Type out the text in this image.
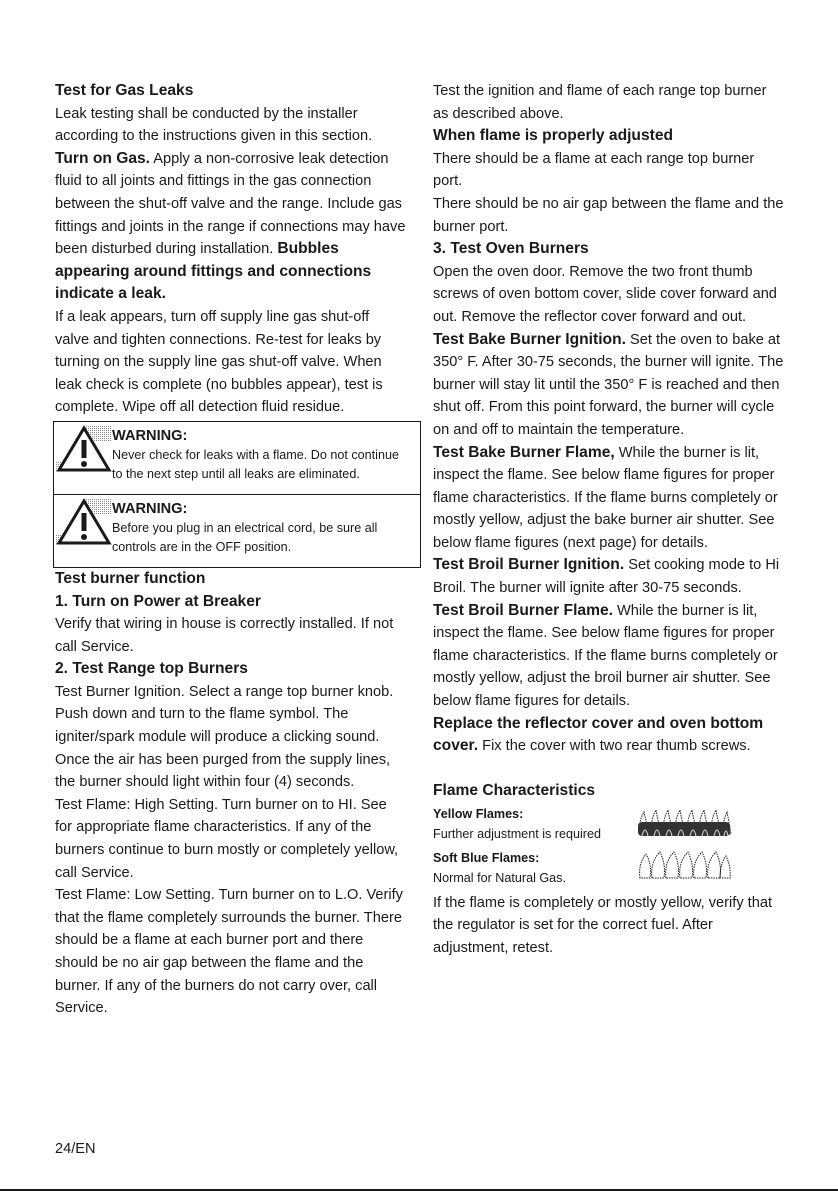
Test for Gas Leaks

Leak testing shall be conducted by the installer according to the instructions given in this section.

Turn on Gas. Apply a non-corrosive leak detection fluid to all joints and fittings in the gas connection between the shut-off valve and the range. Include gas fittings and joints in the range if connections may have been disturbed during installation. Bubbles appearing around fittings and connections indicate a leak.

If a leak appears, turn off supply line gas shut-off valve and tighten connections. Re-test for leaks by turning on the supply line gas shut-off valve. When leak check is complete (no bubbles appear), test is complete. Wipe off all detection fluid residue.

WARNING:
Never check for leaks with a flame. Do not continue to the next step until all leaks are eliminated.
WARNING:
Before you plug in an electrical cord, be sure all controls are in the OFF position.

Test burner function

1. Turn on Power at Breaker

Verify that wiring in house is correctly installed. If not call Service.

2. Test Range top Burners

Test Burner Ignition. Select a range top burner knob. Push down and turn to the flame symbol. The igniter/spark module will produce a clicking sound. Once the air has been purged from the supply lines, the burner should light within four (4) seconds.

Test Flame: High Setting. Turn burner on to HI. See for appropriate flame characteristics. If any of the burners continue to burn mostly or completely yellow, call Service.

Test Flame: Low Setting. Turn burner on to L.O. Verify that the flame completely surrounds the burner. There should be a flame at each burner port and there should be no air gap between the flame and the burner. If any of the burners do not carry over, call Service.

Test the ignition and flame of each range top burner as described above.

When flame is properly adjusted

There should be a flame at each range top burner port.

There should be no air gap between the flame and the burner port.

3. Test Oven Burners

Open the oven door. Remove the two front thumb screws of oven bottom cover, slide cover forward and out. Remove the reflector cover forward and out.

Test Bake Burner Ignition. Set the oven to bake at 350° F. After 30-75 seconds, the burner will ignite. The burner will stay lit until the 350° F is reached and then shut off. From this point forward, the burner will cycle on and off to maintain the temperature.

Test Bake Burner Flame, While the burner is lit, inspect the flame. See below flame figures for proper flame characteristics. If the flame burns completely or mostly yellow, adjust the bake burner air shutter. See below flame figures (next page) for details.

Test Broil Burner Ignition. Set cooking mode to Hi Broil. The burner will ignite after 30-75 seconds.

Test Broil Burner Flame. While the burner is lit, inspect the flame. See below flame figures for proper flame characteristics. If the flame burns completely or mostly yellow, adjust the broil burner air shutter. See below flame figures for details.

Replace the reflector cover and oven bottom cover. Fix the cover with two rear thumb screws.

Flame Characteristics

Yellow Flames:
Further adjustment is required
Soft Blue Flames:
Normal for Natural Gas.

If the flame is completely or mostly yellow, verify that the regulator is set for the correct fuel. After adjustment, retest.

24/EN
